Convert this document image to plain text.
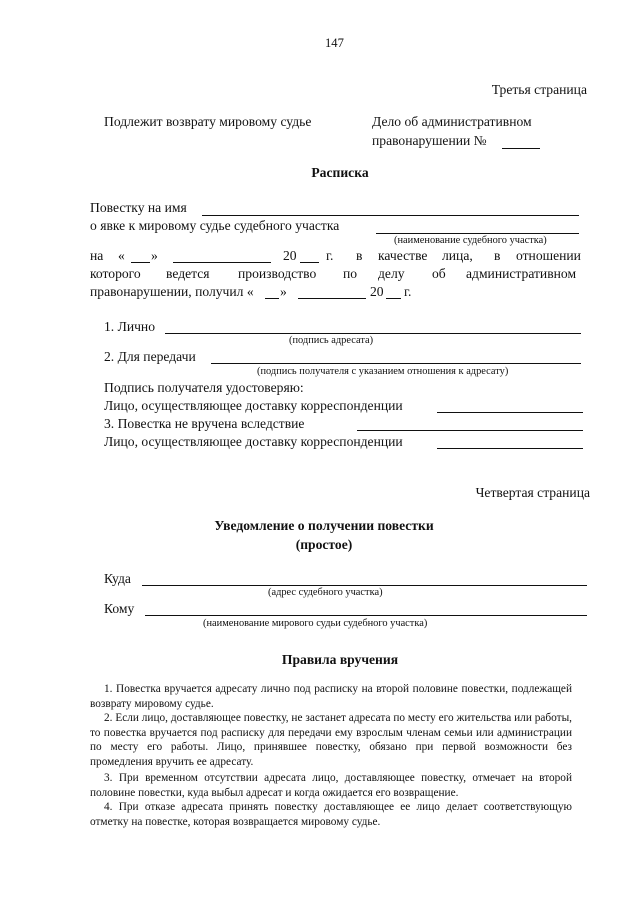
147
Третья страница
Подлежит возврату мировому судье	Дело об административном
правонарушении №
Расписка
Повестку на имя
о явке к мировому судье судебного участка
(наименование судебного участка)
на « »	20 г. в качестве лица, в отношении
которого ведется производство по делу об административном
правонарушении, получил « »	20 г.
1. Лично
(подпись адресата)
2. Для передачи
(подпись получателя с указанием отношения к адресату)
Подпись получателя удостоверяю:
Лицо, осуществляющее доставку корреспонденции
3. Повестка не вручена вследствие
Лицо, осуществляющее доставку корреспонденции
Четвертая страница
Уведомление о получении повестки
(простое)
Куда
(адрес судебного участка)
Кому
(наименование мирового судьи судебного участка)
Правила вручения
1. Повестка вручается адресату лично под расписку на второй половине повестки, подлежащей возврату мировому судье.
2. Если лицо, доставляющее повестку, не застанет адресата по месту его жительства или работы, то повестка вручается под расписку для передачи ему взрослым членам семьи или администрации по месту его работы. Лицо, принявшее повестку, обязано при первой возможности без промедления вручить ее адресату.
3. При временном отсутствии адресата лицо, доставляющее повестку, отмечает на второй половине повестки, куда выбыл адресат и когда ожидается его возвращение.
4. При отказе адресата принять повестку доставляющее ее лицо делает соответствующую отметку на повестке, которая возвращается мировому судье.
